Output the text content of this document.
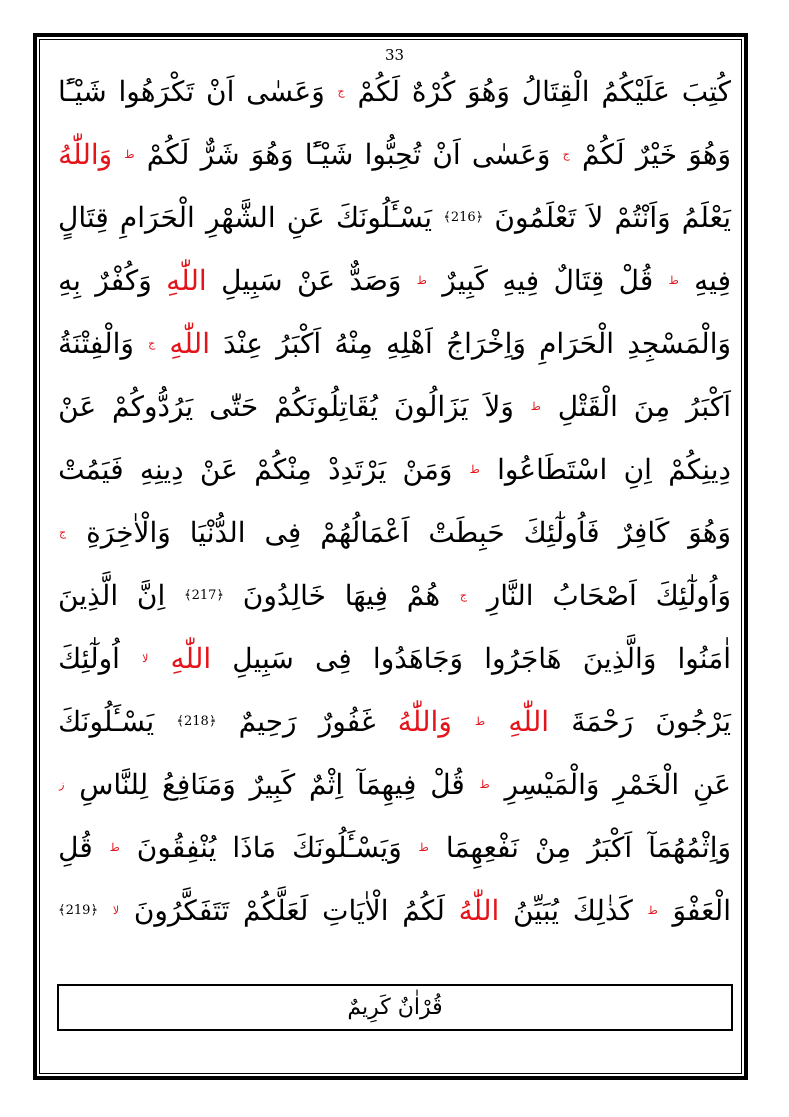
33
كُتِبَ
عَلَيْكُمُ
الْقِتَالُ
وَهُوَ
كُرْهٌ
لَكُمْ
ج
وَعَسٰى
اَنْ
تَكْرَهُوا
شَيْـًٔا
وَهُوَ
خَيْرٌ
لَكُمْ
ج
وَعَسٰى
اَنْ
تُحِبُّوا
شَيْـًٔا
وَهُوَ
شَرٌّ
لَكُمْ
ط
وَاللّٰهُ
يَعْلَمُ
وَاَنْتُمْ
لاَ
تَعْلَمُونَ
﴿216﴾
يَسْـَٔلُونَكَ
عَنِ
الشَّهْرِ
الْحَرَامِ
قِتَالٍ
فِيهِ
ط
قُلْ
قِتَالٌ
فِيهِ
كَبِيرٌ
ط
وَصَدٌّ
عَنْ
سَبِيلِ
اللّٰهِ
وَكُفْرٌ
بِهِ
وَالْمَسْجِدِ
الْحَرَامِ
وَاِخْرَاجُ
اَهْلِهِ
مِنْهُ
اَكْبَرُ
عِنْدَ
اللّٰهِ
ج
وَالْفِتْنَةُ
اَكْبَرُ
مِنَ
الْقَتْلِ
ط
وَلاَ
يَزَالُونَ
يُقَاتِلُونَكُمْ
حَتّٰى
يَرُدُّوكُمْ
عَنْ
دِينِكُمْ
اِنِ
اسْتَطَاعُوا
ط
وَمَنْ
يَرْتَدِدْ
مِنْكُمْ
عَنْ
دِينِهِ
فَيَمُتْ
وَهُوَ
كَافِرٌ
فَاُولٰٓئِكَ
حَبِطَتْ
اَعْمَالُهُمْ
فِى
الدُّنْيَا
وَالْاٰخِرَةِ
ج
وَاُولٰٓئِكَ
اَصْحَابُ
النَّارِ
ج
هُمْ
فِيهَا
خَالِدُونَ
﴿217﴾
اِنَّ
الَّذِينَ
اٰمَنُوا
وَالَّذِينَ
هَاجَرُوا
وَجَاهَدُوا
فِى
سَبِيلِ
اللّٰهِ
لا
اُولٰٓئِكَ
يَرْجُونَ
رَحْمَةَ
اللّٰهِ
ط
وَاللّٰهُ
غَفُورٌ
رَحِيمٌ
﴿218﴾
يَسْـَٔلُونَكَ
عَنِ
الْخَمْرِ
وَالْمَيْسِرِ
ط
قُلْ
فِيهِمَآ
اِثْمٌ
كَبِيرٌ
وَمَنَافِعُ
لِلنَّاسِ
ز
وَاِثْمُهُمَآ
اَكْبَرُ
مِنْ
نَفْعِهِمَا
ط
وَيَسْـَٔلُونَكَ
مَاذَا
يُنْفِقُونَ
ط
قُلِ
الْعَفْوَ
ط
كَذٰلِكَ
يُبَيِّنُ
اللّٰهُ
لَكُمُ
الْاٰيَاتِ
لَعَلَّكُمْ
تَتَفَكَّرُونَ
لا
﴿219﴾
قُرْاٰنٌ كَرِيمٌ
